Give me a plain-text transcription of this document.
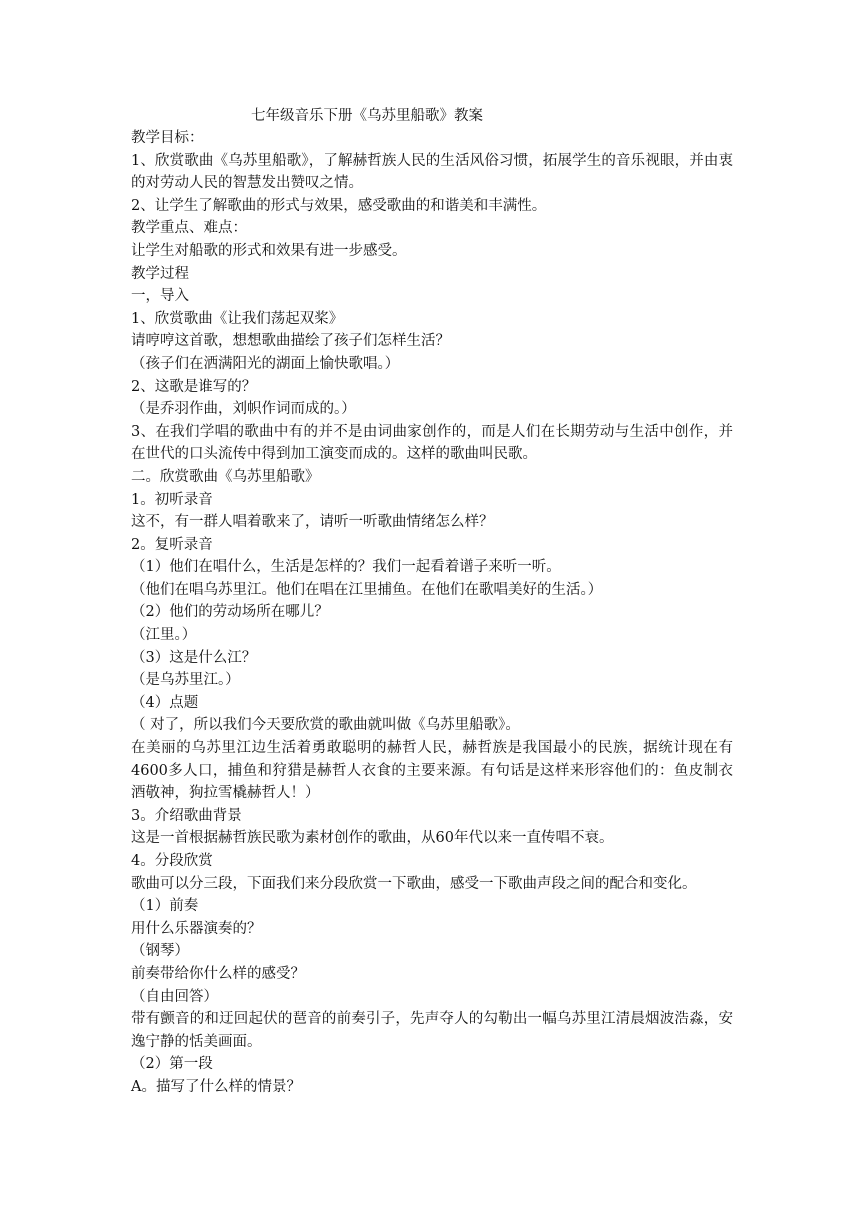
七年级音乐下册《乌苏里船歌》教案
教学目标：
1、欣赏歌曲《乌苏里船歌》，了解赫哲族人民的生活风俗习惯，拓展学生的音乐视眼，并由衷的对劳动人民的智慧发出赞叹之情。
2、让学生了解歌曲的形式与效果，感受歌曲的和谐美和丰满性。
教学重点、难点：
让学生对船歌的形式和效果有进一步感受。
教学过程
一，导入
1、欣赏歌曲《让我们荡起双桨》
请哼哼这首歌，想想歌曲描绘了孩子们怎样生活？
（孩子们在洒满阳光的湖面上愉快歌唱。）
2、这歌是谁写的？
（是乔羽作曲，刘帜作词而成的。）
3、在我们学唱的歌曲中有的并不是由词曲家创作的，而是人们在长期劳动与生活中创作，并在世代的口头流传中得到加工演变而成的。这样的歌曲叫民歌。
二。欣赏歌曲《乌苏里船歌》
1。初听录音
这不，有一群人唱着歌来了，请听一听歌曲情绪怎么样？
2。复听录音
（1）他们在唱什么，生活是怎样的？我们一起看着谱子来听一听。
（他们在唱乌苏里江。他们在唱在江里捕鱼。在他们在歌唱美好的生活。）
（2）他们的劳动场所在哪儿？
（江里。）
（3）这是什么江？
（是乌苏里江。）
（4）点题
（ 对了，所以我们今天要欣赏的歌曲就叫做《乌苏里船歌》。
在美丽的乌苏里江边生活着勇敢聪明的赫哲人民，赫哲族是我国最小的民族，据统计现在有4600多人口，捕鱼和狩猎是赫哲人衣食的主要来源。有句话是这样来形容他们的：鱼皮制衣酒敬神，狗拉雪橇赫哲人！）
3。介绍歌曲背景
这是一首根据赫哲族民歌为素材创作的歌曲，从60年代以来一直传唱不衰。
4。分段欣赏
歌曲可以分三段，下面我们来分段欣赏一下歌曲，感受一下歌曲声段之间的配合和变化。
（1）前奏
用什么乐器演奏的？
（钢琴）
前奏带给你什么样的感受？
（自由回答）
带有颤音的和迂回起伏的琶音的前奏引子，先声夺人的勾勒出一幅乌苏里江清晨烟波浩淼，安逸宁静的恬美画面。
（2）第一段
A。描写了什么样的情景？
